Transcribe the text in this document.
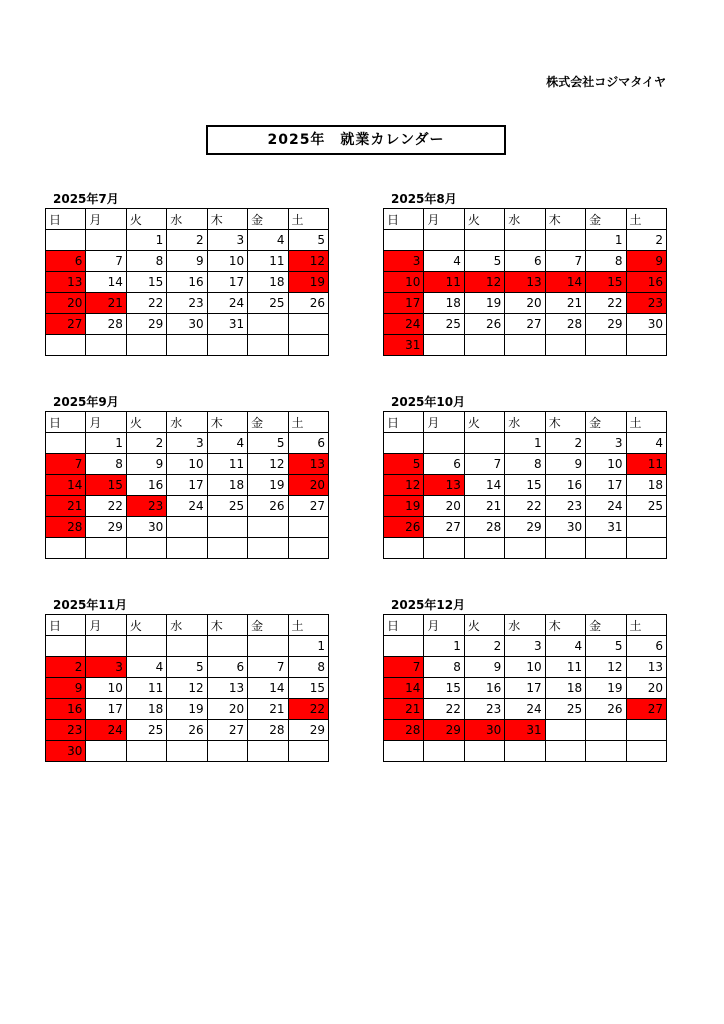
株式会社コジマタイヤ
2025年　就業カレンダー
2025年7月
日	月	火	水	木	金	土
		1	2	3	4	5
6	7	8	9	10	11	12
13	14	15	16	17	18	19
20	21	22	23	24	25	26
27	28	29	30	31		

2025年8月
日	月	火	水	木	金	土
					1	2
3	4	5	6	7	8	9
10	11	12	13	14	15	16
17	18	19	20	21	22	23
24	25	26	27	28	29	30
31						
2025年9月
日	月	火	水	木	金	土
	1	2	3	4	5	6
7	8	9	10	11	12	13
14	15	16	17	18	19	20
21	22	23	24	25	26	27
28	29	30				

2025年10月
日	月	火	水	木	金	土
			1	2	3	4
5	6	7	8	9	10	11
12	13	14	15	16	17	18
19	20	21	22	23	24	25
26	27	28	29	30	31	

2025年11月
日	月	火	水	木	金	土
						1
2	3	4	5	6	7	8
9	10	11	12	13	14	15
16	17	18	19	20	21	22
23	24	25	26	27	28	29
30						
2025年12月
日	月	火	水	木	金	土
	1	2	3	4	5	6
7	8	9	10	11	12	13
14	15	16	17	18	19	20
21	22	23	24	25	26	27
28	29	30	31			
